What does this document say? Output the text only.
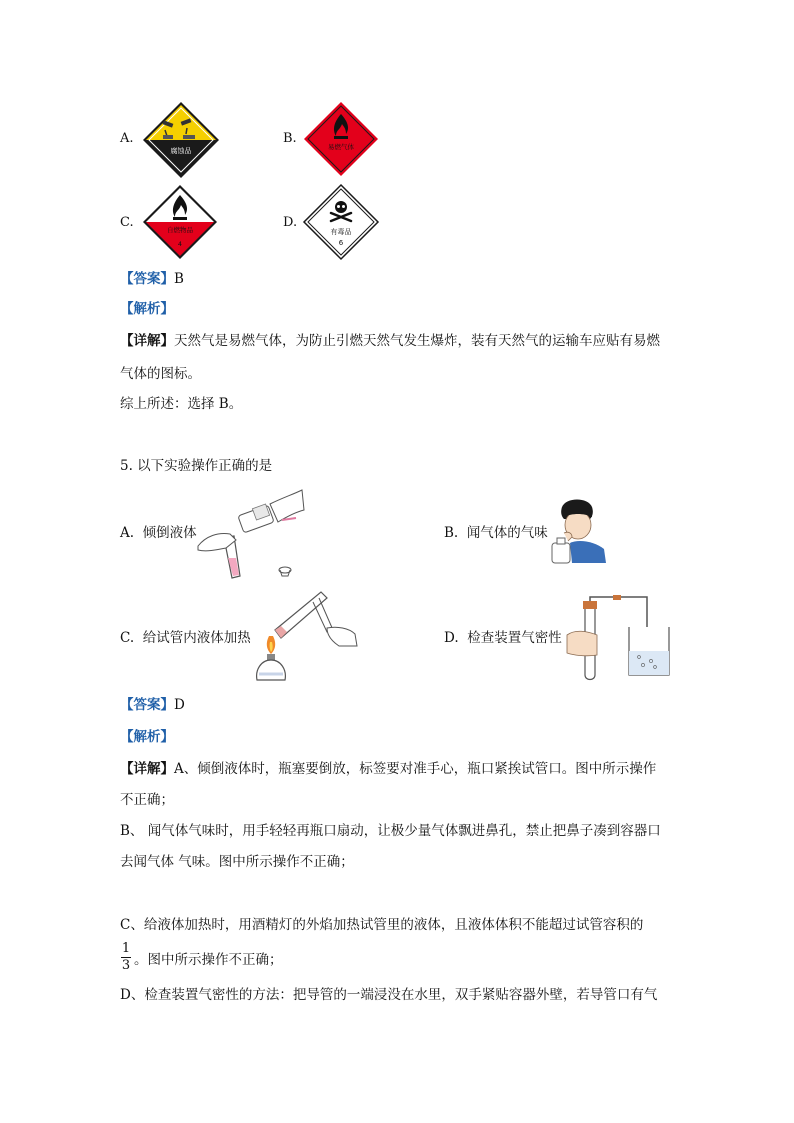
A.
腐蚀品
B.
易燃气体
C.	自燃物品
4
D.
有毒品
6
【答案】B
【解析】
【详解】天然气是易燃气体，为防止引燃天然气发生爆炸，装有天然气的运输车应贴有易燃
气体的图标。
综上所述：选择 B。
5. 以下实验操作正确的是
A. 倾倒液体	B. 闻气体的气味
C. 给试管内液体加热	D. 检查装置气密性
【答案】D
【解析】
【详解】A、倾倒液体时，瓶塞要倒放，标签要对准手心，瓶口紧挨试管口。图中所示操作
不正确；
B、 闻气体气味时，用手轻轻再瓶口扇动，让极少量气体飘进鼻孔，禁止把鼻子凑到容器口
去闻气体 气味。图中所示操作不正确；
C、给液体加热时，用酒精灯的外焰加热试管里的液体，且液体体积不能超过试管容积的
1
3 。图中所示操作不正确；
D、检查装置气密性的方法：把导管的一端浸没在水里，双手紧贴容器外壁，若导管口有气
